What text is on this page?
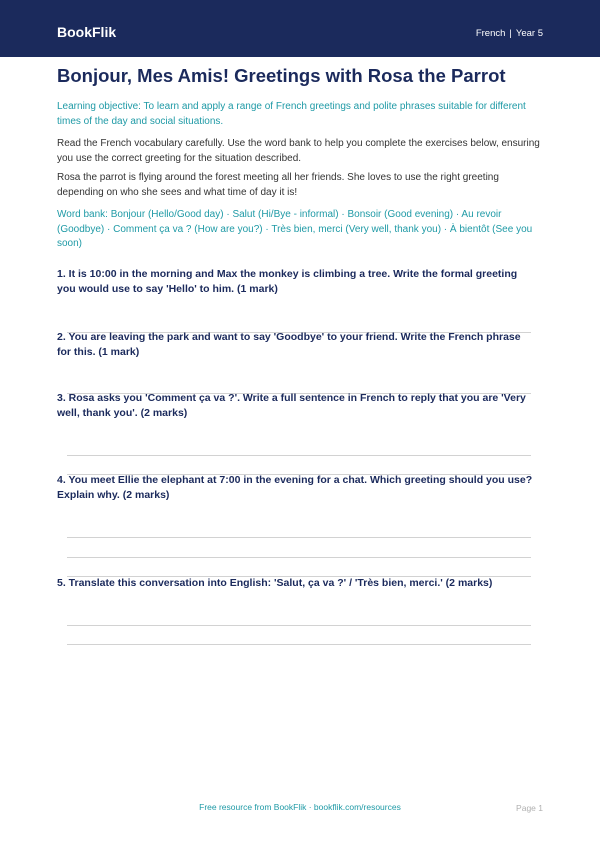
BookFlik	French | Year 5
Bonjour, Mes Amis! Greetings with Rosa the Parrot

Learning objective: To learn and apply a range of French greetings and polite phrases suitable for different times of the day and social situations.

Read the French vocabulary carefully. Use the word bank to help you complete the exercises below, ensuring you use the correct greeting for the situation described.

Rosa the parrot is flying around the forest meeting all her friends. She loves to use the right greeting depending on who she sees and what time of day it is!

Word bank: Bonjour (Hello/Good day) · Salut (Hi/Bye - informal) · Bonsoir (Good evening) · Au revoir (Goodbye) · Comment ça va ? (How are you?) · Très bien, merci (Very well, thank you) · À bientôt (See you soon)

1. It is 10:00 in the morning and Max the monkey is climbing a tree. Write the formal greeting you would use to say 'Hello' to him. (1 mark)

2. You are leaving the park and want to say 'Goodbye' to your friend. Write the French phrase for this. (1 mark)

3. Rosa asks you 'Comment ça va ?'. Write a full sentence in French to reply that you are 'Very well, thank you'. (2 marks)

4. You meet Ellie the elephant at 7:00 in the evening for a chat. Which greeting should you use? Explain why. (2 marks)

5. Translate this conversation into English: 'Salut, ça va ?' / 'Très bien, merci.' (2 marks)

Free resource from BookFlik · bookflik.com/resources	Page 1
